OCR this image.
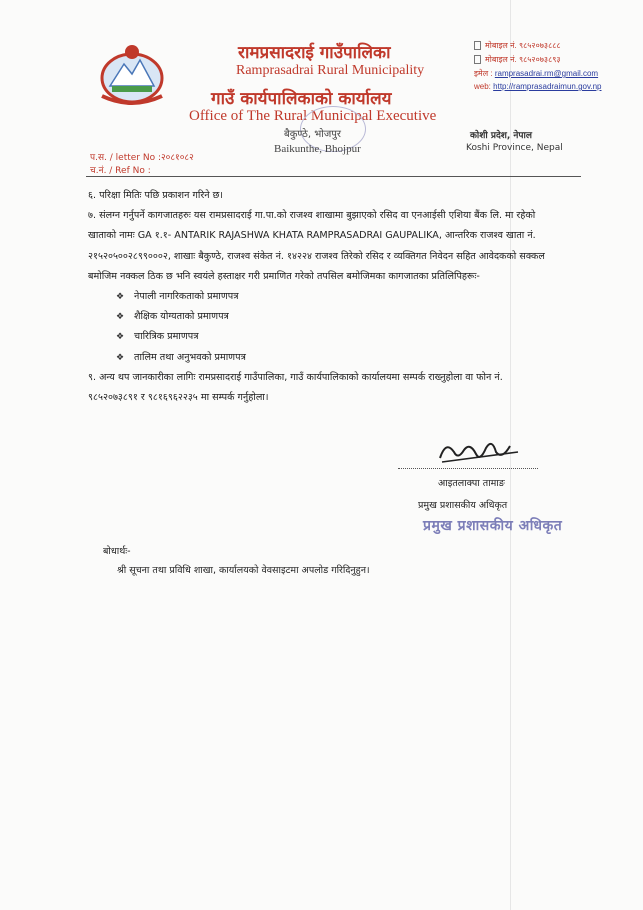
रामप्रसादराई गाउँपालिका
Ramprasadrai Rural Municipality
गाउँ कार्यपालिकाको कार्यालय
Office of The Rural Municipal Executive
बैकुण्ठे, भोजपुर
Baikunthe, Bhojpur
मोबाइल नं. ९८५२०७३८८८
मोबाइल नं. ९८५२०७३८९३
इमेल : ramprasadrai.rm@gmail.com
web: http://ramprasadraimun.gov.np
कोशी प्रदेश, नेपाल
Koshi Province, Nepal
प.स. / letter No :२०८१०८२
च.नं. / Ref No :

६. परिक्षा मितिः पछि प्रकाशन गरिने छ।

७. संलग्न गर्नुपर्ने कागजातहरुः यस रामप्रसादराई गा.पा.को राजश्व शाखामा बुझाएको रसिद वा एनआईसी एशिया बैंक लि. मा रहेको खाताको नामः GA १.१- ANTARIK RAJASHWA KHATA RAMPRASADRAI GAUPALIKA, आन्तरिक राजश्व खाता नं. २१५२०५००२८९९०००२, शाखाः बैकुण्ठे, राजश्व संकेत नं. १४२२४ राजश्व तिरेको रसिद र व्यक्तिगत निवेदन सहित आवेदकको सक्कल बमोजिम नक्कल ठिक छ भनि स्वयंले हस्ताक्षर गरी प्रमाणित गरेको तपसिल बमोजिमका कागजातका प्रतिलिपिहरूः-

❖ नेपाली नागरिकताको प्रमाणपत्र
❖ शैक्षिक योग्यताको प्रमाणपत्र
❖ चारित्रिक प्रमाणपत्र
❖ तालिम तथा अनुभवको प्रमाणपत्र

९. अन्य थप जानकारीका लागिः रामप्रसादराई गाउँपालिका, गाउँ कार्यपालिकाको कार्यालयमा सम्पर्क राख्नुहोला वा फोन नं.

९८५२०७३८९१ र ९८१६९६२२३५ मा सम्पर्क गर्नुहोला।

आइतलाक्पा तामाङ
प्रमुख प्रशासकीय अधिकृत
प्रमुख प्रशासकीय अधिकृत
बोधार्थः-
श्री सूचना तथा प्रविधि शाखा, कार्यालयको वेवसाइटमा अपलोड गरिदिनुहुन।
